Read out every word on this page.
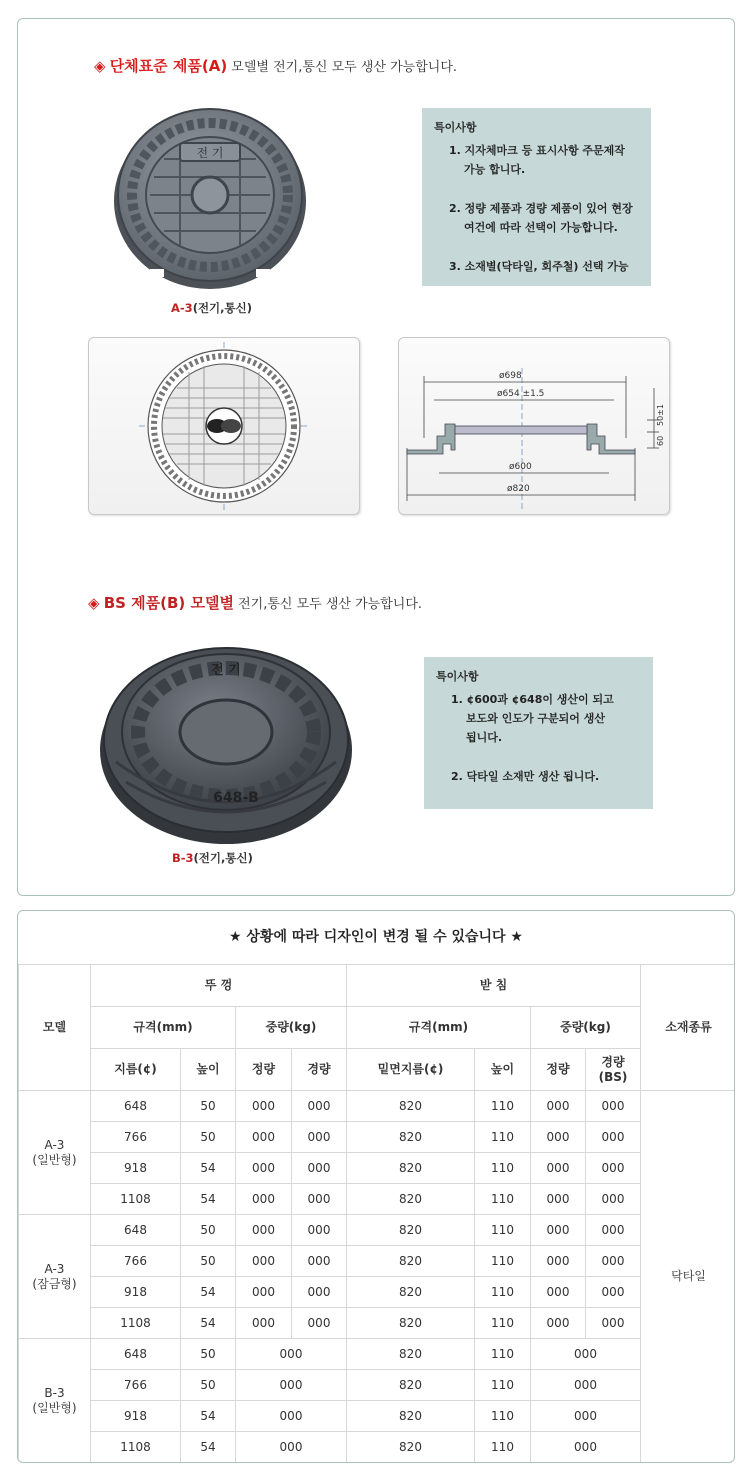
◈ 단체표준 제품(A) 모델별 전기,통신 모두 생산 가능합니다.
전 기
A-3(전기,통신)
특이사항
1. 지자체마크 등 표시사항 주문제작
가능 합니다.
2. 정량 제품과 경량 제품이 있어 현장
여건에 따라 선택이 가능합니다.
3. 소재별(닥타일, 회주철) 선택 가능
ø698
ø654 ±1.5
ø600
ø820
50±1
60
◈ BS 제품(B) 모델별 전기,통신 모두 생산 가능합니다.
전 기
648-B
B-3(전기,통신)
특이사항
1. ¢600과 ¢648이 생산이 되고
보도와 인도가 구분되어 생산
됩니다.
2. 닥타일 소재만 생산 됩니다.
★ 상황에 따라 디자인이 변경 될 수 있습니다 ★
모델	뚜 껑				받 침				소재종류
	규격(mm)		중량(kg)		규격(mm)		중량(kg)		
	지름(¢)	높이	정량	경량	밑면지름(¢)	높이	정량	경량
(BS)	

A-3
(일반형)	648	50	000	000	820	110	000	000	닥타일
	766	50	000	000	820	110	000	000	
	918	54	000	000	820	110	000	000	
	1108	54	000	000	820	110	000	000	

A-3
(잠금형)	648	50	000	000	820	110	000	000	
	766	50	000	000	820	110	000	000	
	918	54	000	000	820	110	000	000	
	1108	54	000	000	820	110	000	000	

B-3
(일반형)	648	50	000		820	110	000		
	766	50	000		820	110	000		
	918	54	000		820	110	000		
	1108	54	000		820	110	000		
